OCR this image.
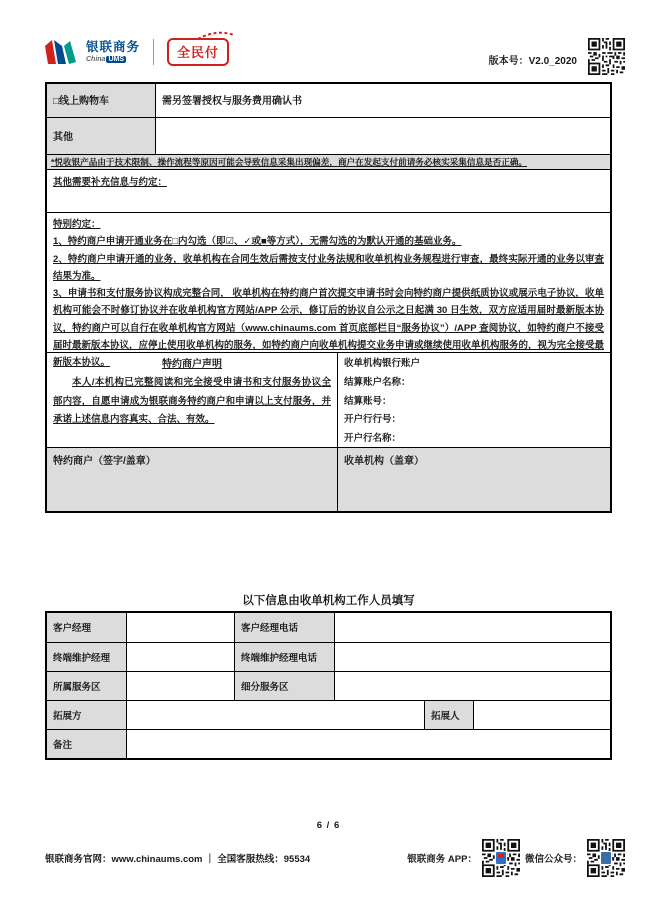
银联商务
China UMS	全民付
版本号：V2.0_2020
□线上购物车	需另签署授权与服务费用确认书
其他
*悦收银产品由于技术限制、操作流程等原因可能会导致信息采集出现偏差，商户在发起支付前请务必核实采集信息是否正确。
其他需要补充信息与约定：

特别约定：

1、特约商户申请开通业务在□内勾选（即☑、✓或■等方式），无需勾选的为默认开通的基础业务。

2、特约商户申请开通的业务，收单机构在合同生效后需按支付业务法规和收单机构业务规程进行审查，最终实际开通的业务以审查结果为准。

3、申请书和支付服务协议构成完整合同， 收单机构在特约商户首次提交申请书时会向特约商户提供纸质协议或展示电子协议，收单机构可能会不时修订协议并在收单机构官方网站/APP 公示，修订后的协议自公示之日起满 30 日生效，双方应适用届时最新版本协议，特约商户可以自行在收单机构官方网站（www.chinaums.com 首页底部栏目“服务协议”）/APP 查阅协议，如特约商户不接受届时最新版本协议，应停止使用收单机构的服务，如特约商户向收单机构提交业务申请或继续使用收单机构服务的，视为完全接受最新版本协议。	特约商户声明
本人/本机构已完整阅读和完全接受申请书和支付服务协议全部内容，自愿申请成为银联商务特约商户和申请以上支付服务，并承诺上述信息内容真实、合法、有效。
收单机构银行账户
结算账户名称：
结算账号：
开户行行号：
开户行名称：
特约商户（签字/盖章）	收单机构（盖章）
以下信息由收单机构工作人员填写
客户经理	客户经理电话
终端维护经理	终端维护经理电话
所属服务区	细分服务区
拓展方	拓展人
备注
6 / 6
银联商务官网：www.chinaums.com ｜ 全国客服热线：95534	银联商务 APP：	微信公众号：
